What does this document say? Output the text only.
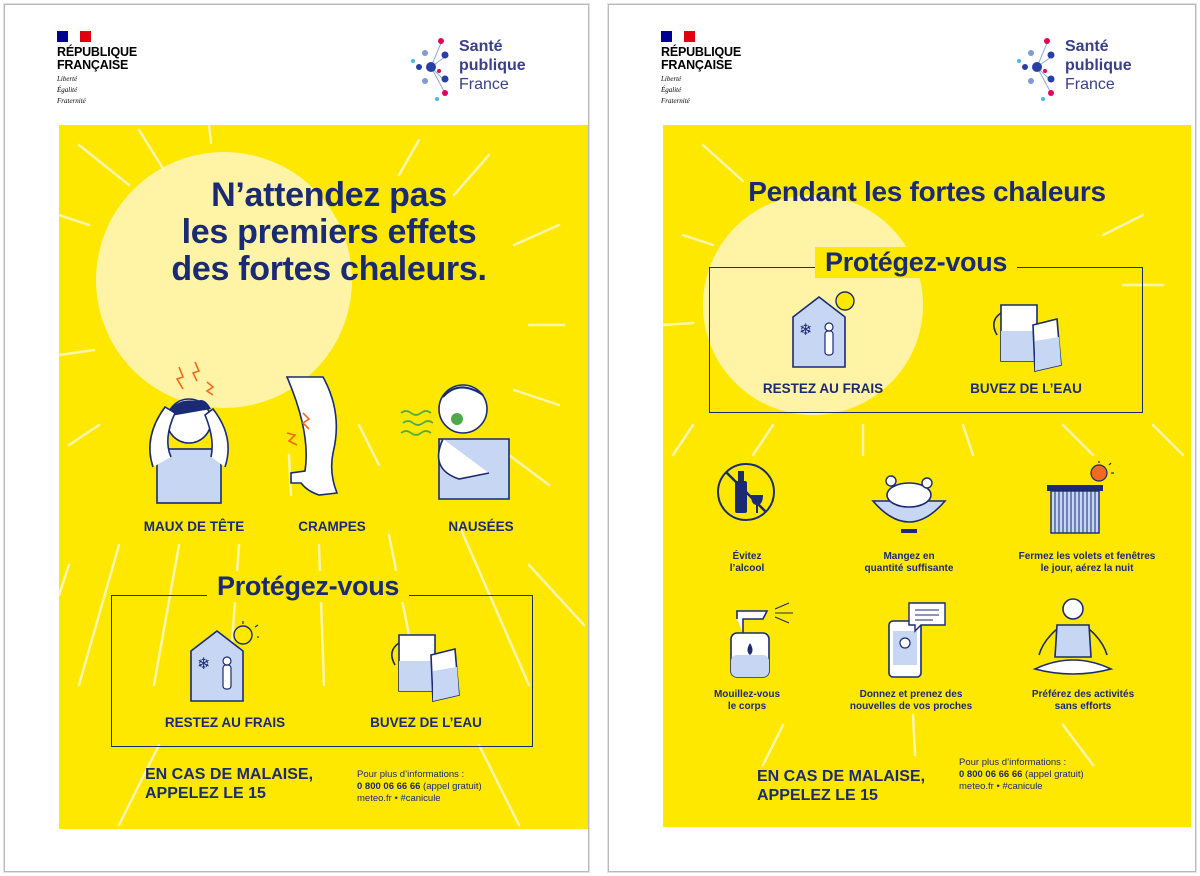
RÉPUBLIQUE
FRANÇAISE
Liberté
Égalité
Fraternité
Santé
publique
France
N’attendez pas
les premiers effets
des fortes chaleurs.
MAUX DE TÊTE	CRAMPES	NAUSÉES
Protégez-vous
❄
RESTEZ AU FRAIS	BUVEZ DE L’EAU
EN CAS DE MALAISE,
APPELEZ LE 15
Pour plus d’informations :
0 800 06 66 66 (appel gratuit)
meteo.fr • #canicule
RÉPUBLIQUE
FRANÇAISE
Liberté
Égalité
Fraternité
Santé
publique
France
Pendant les fortes chaleurs
Protégez-vous
❄
RESTEZ AU FRAIS	BUVEZ DE L’EAU
Évitez
l’alcool
Mangez en
quantité suffisante
Fermez les volets et fenêtres
le jour, aérez la nuit
Mouillez-vous
le corps
Donnez et prenez des
nouvelles de vos proches
Préférez des activités
sans efforts
EN CAS DE MALAISE,
APPELEZ LE 15
Pour plus d’informations :
0 800 06 66 66 (appel gratuit)
meteo.fr • #canicule
